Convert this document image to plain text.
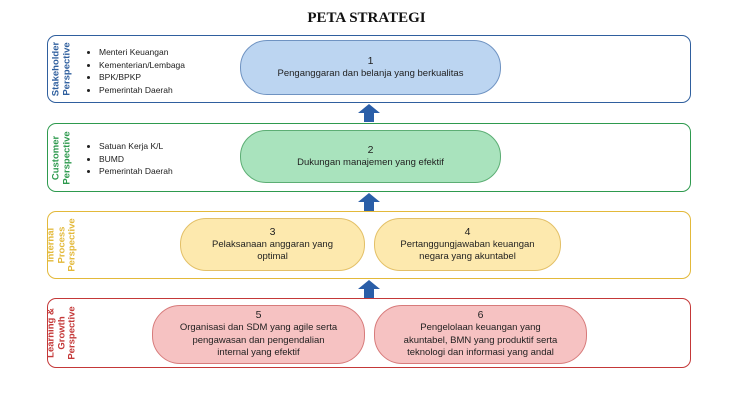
PETA STRATEGI
Stakeholder
Perspective	• Menteri Keuangan
• Kementerian/Lembaga
• BPK/BPKP
• Pemerintah Daerah
1
Penganggaran dan belanja yang berkualitas
Customer
Perspective	• Satuan Kerja K/L
• BUMD
• Pemerintah Daerah
2
Dukungan manajemen yang efektif
Internal
Process
Perspective	3
Pelaksanaan anggaran yang
optimal
4
Pertanggungjawaban keuangan
negara yang akuntabel
Learning &
Growth
Perspective	5
Organisasi dan SDM yang agile serta
pengawasan dan pengendalian
internal yang efektif
6
Pengelolaan keuangan yang
akuntabel, BMN yang produktif serta
teknologi dan informasi yang andal
